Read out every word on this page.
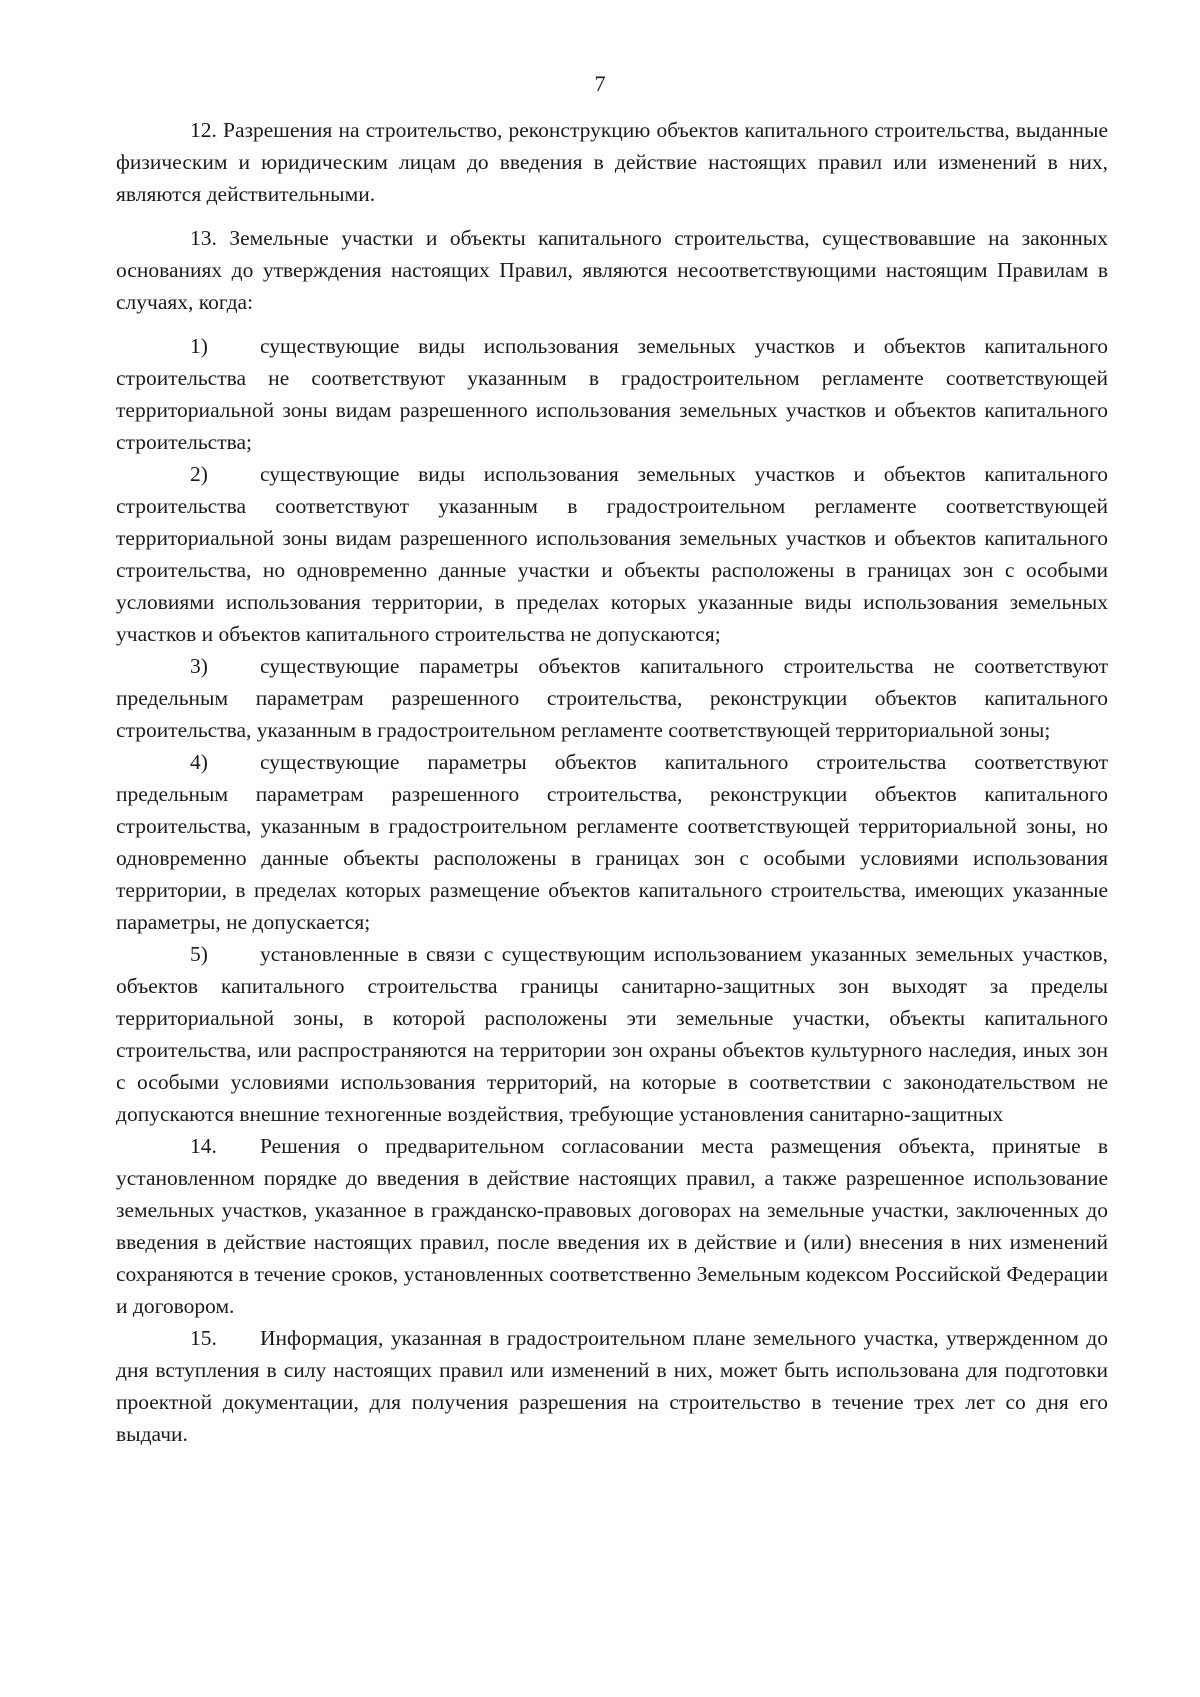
7

12. Разрешения на строительство, реконструкцию объектов капитального строительства, выданные физическим и юридическим лицам до введения в действие настоящих правил или изменений в них, являются действительными.

13. Земельные участки и объекты капитального строительства, существовавшие на законных основаниях до утверждения настоящих Правил, являются несоответствующими настоящим Правилам в случаях, когда:

1) существующие виды использования земельных участков и объектов капитального строительства не соответствуют указанным в градостроительном регламенте соответствующей территориальной зоны видам разрешенного использования земельных участков и объектов капитального строительства;

2) существующие виды использования земельных участков и объектов капитального строительства соответствуют указанным в градостроительном регламенте соответствующей территориальной зоны видам разрешенного использования земельных участков и объектов капитального строительства, но одновременно данные участки и объекты расположены в границах зон с особыми условиями использования территории, в пределах которых указанные виды использования земельных участков и объектов капитального строительства не допускаются;

3) существующие параметры объектов капитального строительства не соответствуют предельным параметрам разрешенного строительства, реконструкции объектов капитального строительства, указанным в градостроительном регламенте соответствующей территориальной зоны;

4) существующие параметры объектов капитального строительства соответствуют предельным параметрам разрешенного строительства, реконструкции объектов капитального строительства, указанным в градостроительном регламенте соответствующей территориальной зоны, но одновременно данные объекты расположены в границах зон с особыми условиями использования территории, в пределах которых размещение объектов капитального строительства, имеющих указанные параметры, не допускается;

5) установленные в связи с существующим использованием указанных земельных участков, объектов капитального строительства границы санитарно-защитных зон выходят за пределы территориальной зоны, в которой расположены эти земельные участки, объекты капитального строительства, или распространяются на территории зон охраны объектов культурного наследия, иных зон с особыми условиями использования территорий, на которые в соответствии с законодательством не допускаются внешние техногенные воздействия, требующие установления санитарно-защитных

14. Решения о предварительном согласовании места размещения объекта, принятые в установленном порядке до введения в действие настоящих правил, а также разрешенное использование земельных участков, указанное в гражданско-правовых договорах на земельные участки, заключенных до введения в действие настоящих правил, после введения их в действие и (или) внесения в них изменений сохраняются в течение сроков, установленных соответственно Земельным кодексом Российской Федерации и договором.

15. Информация, указанная в градостроительном плане земельного участка, утвержденном до дня вступления в силу настоящих правил или изменений в них, может быть использована для подготовки проектной документации, для получения разрешения на строительство в течение трех лет со дня его выдачи.
